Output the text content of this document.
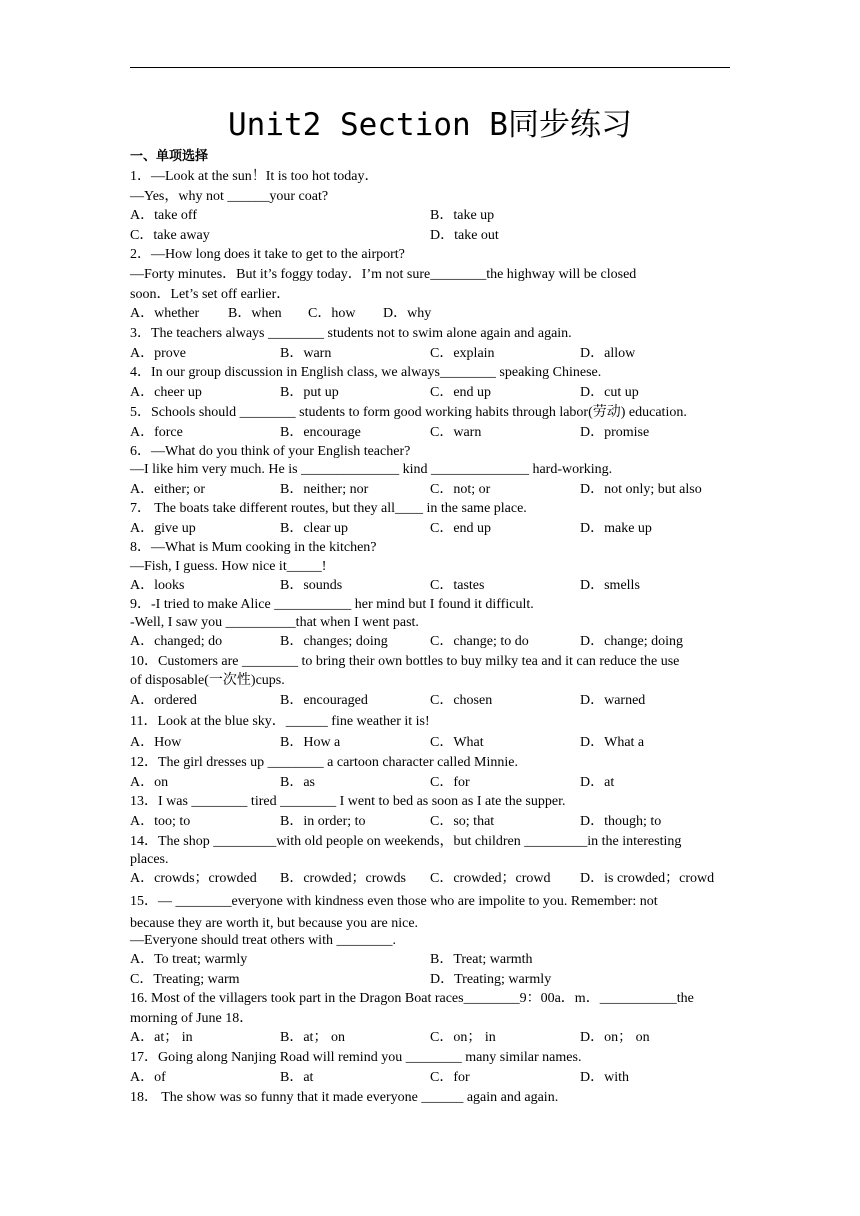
Unit2 Section B同步练习
一、单项选择
1．—Look at the sun！It is too hot today．
—Yes，why not ______your coat?
A．take off	B．take up
C．take away	D．take out
2．—How long does it take to get to the airport?
—Forty minutes．But it’s foggy today．I’m not sure________the highway will be closed
soon．Let’s set off earlier．
A．whether B．when C．how D．why
3．The teachers always ________ students not to swim alone again and again.
A．prove	B．warn	C．explain	D．allow
4．In our group discussion in English class, we always________ speaking Chinese.
A．cheer up	B．put up	C．end up	D．cut up
5．Schools should ________ students to form good working habits through labor(劳动) education.
A．force	B．encourage	C．warn	D．promise
6．—What do you think of your English teacher?
—I like him very much. He is ______________ kind ______________ hard-working.
A．either; or	B．neither; nor	C．not; or	D．not only; but also
7． The boats take different routes, but they all____ in the same place.
A．give up	B．clear up	C．end up	D．make up
8．—What is Mum cooking in the kitchen?
—Fish, I guess. How nice it_____!
A．looks	B．sounds	C．tastes	D．smells
9．-I tried to make Alice ___________ her mind but I found it difficult.
-Well, I saw you __________that when I went past.
A．changed; do	B．changes; doing	C．change; to do	D．change; doing
10．Customers are ________ to bring their own bottles to buy milky tea and it can reduce the use
of disposable(一次性)cups.
A．ordered	B．encouraged	C．chosen	D．warned
11．Look at the blue sky．______ fine weather it is!
A．How	B．How a	C．What	D．What a
12．The girl dresses up ________ a cartoon character called Minnie.
A．on	B．as	C．for	D．at
13．I was ________ tired ________ I went to bed as soon as I ate the supper.
A．too; to	B．in order; to	C．so; that	D．though; to
14．The shop _________with old people on weekends，but children _________in the interesting
places.
A．crowds；crowded B．crowded；crowds C．crowded；crowd D．is crowded；crowd
15．— ________everyone with kindness even those who are impolite to you. Remember: not
because they are worth it, but because you are nice.
—Everyone should treat others with ________.
A．To treat; warmly	B．Treat; warmth
C．Treating; warm	D．Treating; warmly
16. Most of the villagers took part in the Dragon Boat races________9：00a．m．___________the
morning of June 18．
A．at； in	B．at； on	C．on； in	D．on； on
17．Going along Nanjing Road will remind you ________ many similar names.
A．of	B．at	C．for	D．with
18． The show was so funny that it made everyone ______ again and again.
